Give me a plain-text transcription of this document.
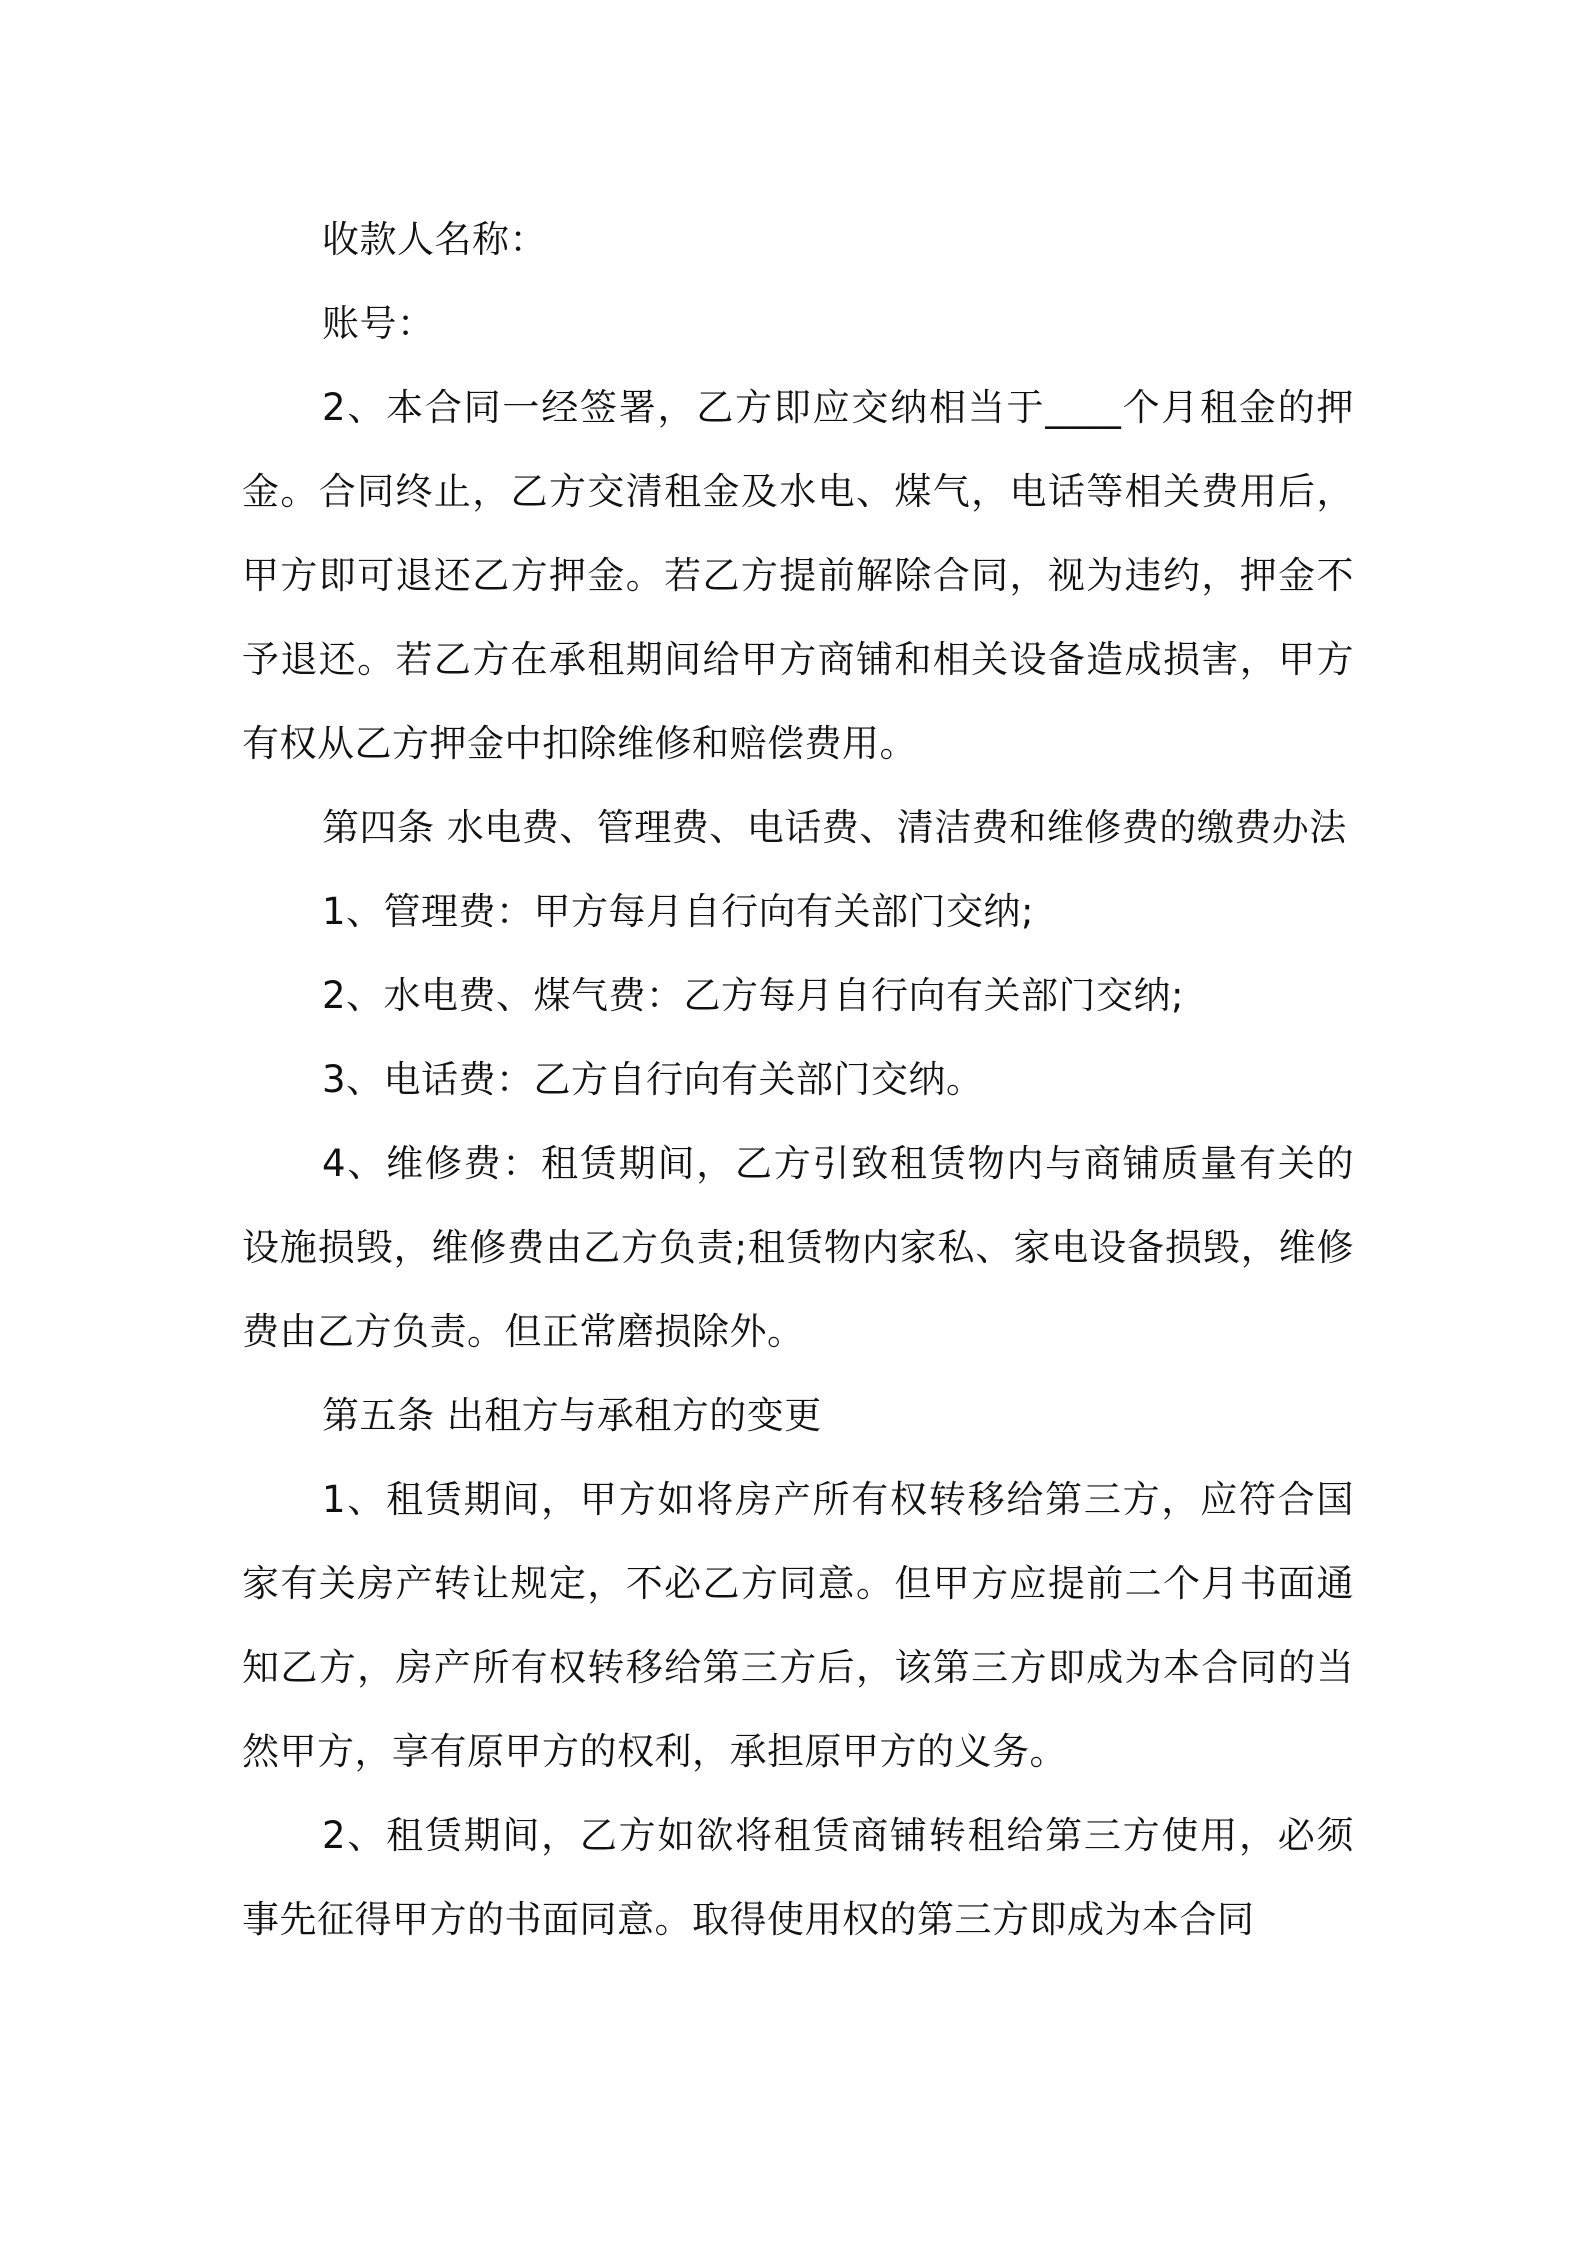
收款人名称：

账号：

2、本合同一经签署，乙方即应交纳相当于____个月租金的押金。合同终止，乙方交清租金及水电、煤气，电话等相关费用后，甲方即可退还乙方押金。若乙方提前解除合同，视为违约，押金不予退还。若乙方在承租期间给甲方商铺和相关设备造成损害，甲方有权从乙方押金中扣除维修和赔偿费用。

第四条 水电费、管理费、电话费、清洁费和维修费的缴费办法

1、管理费：甲方每月自行向有关部门交纳;

2、水电费、煤气费：乙方每月自行向有关部门交纳;

3、电话费：乙方自行向有关部门交纳。

4、维修费：租赁期间，乙方引致租赁物内与商铺质量有关的设施损毁，维修费由乙方负责;租赁物内家私、家电设备损毁，维修费由乙方负责。但正常磨损除外。

第五条 出租方与承租方的变更

1、租赁期间，甲方如将房产所有权转移给第三方，应符合国家有关房产转让规定，不必乙方同意。但甲方应提前二个月书面通知乙方，房产所有权转移给第三方后，该第三方即成为本合同的当然甲方，享有原甲方的权利，承担原甲方的义务。

2、租赁期间，乙方如欲将租赁商铺转租给第三方使用，必须事先征得甲方的书面同意。取得使用权的第三方即成为本合同
